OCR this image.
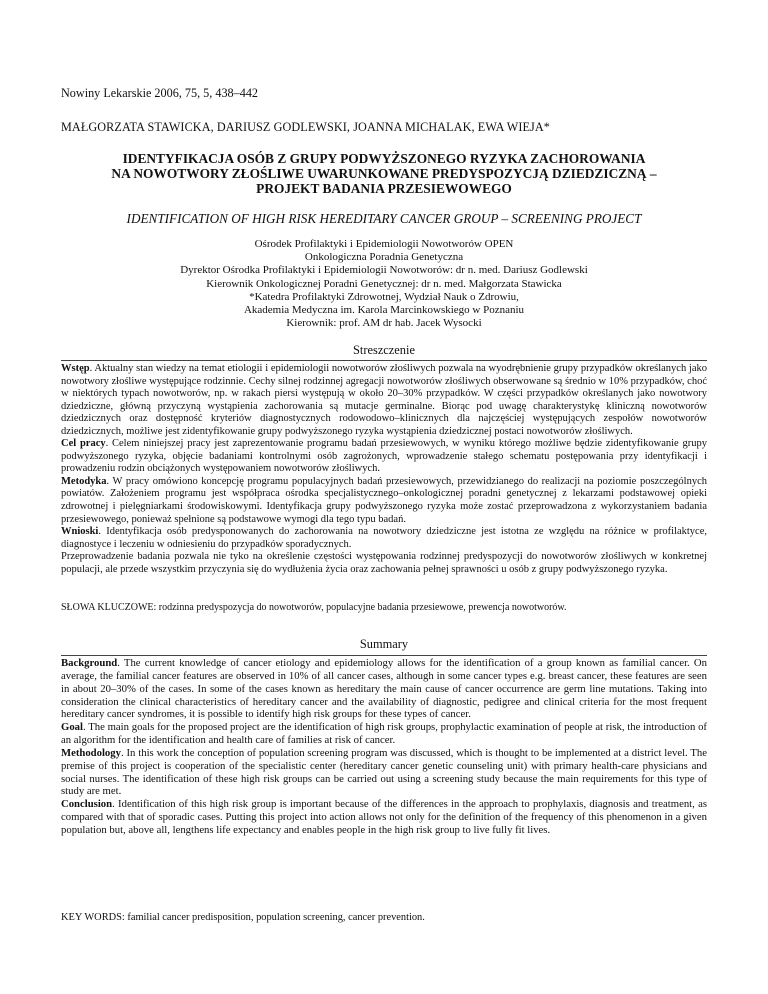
Nowiny Lekarskie 2006, 75, 5, 438–442
MAŁGORZATA STAWICKA, DARIUSZ GODLEWSKI, JOANNA MICHALAK, EWA WIEJA*
IDENTYFIKACJA OSÓB Z GRUPY PODWYŻSZONEGO RYZYKA ZACHOROWANIA
NA NOWOTWORY ZŁOŚLIWE UWARUNKOWANE PREDYSPOZYCJĄ DZIEDZICZNĄ –
PROJEKT BADANIA PRZESIEWOWEGO
IDENTIFICATION OF HIGH RISK HEREDITARY CANCER GROUP – SCREENING PROJECT
Ośrodek Profilaktyki i Epidemiologii Nowotworów OPEN
Onkologiczna Poradnia Genetyczna
Dyrektor Ośrodka Profilaktyki i Epidemiologii Nowotworów: dr n. med. Dariusz Godlewski
Kierownik Onkologicznej Poradni Genetycznej: dr n. med. Małgorzata Stawicka
*Katedra Profilaktyki Zdrowotnej, Wydział Nauk o Zdrowiu,
Akademia Medyczna im. Karola Marcinkowskiego w Poznaniu
Kierownik: prof. AM dr hab. Jacek Wysocki
Streszczenie

Wstęp. Aktualny stan wiedzy na temat etiologii i epidemiologii nowotworów złośliwych pozwala na wyodrębnienie grupy przypadków określanych jako nowotwory złośliwe występujące rodzinnie. Cechy silnej rodzinnej agregacji nowotworów złośliwych obserwowane są średnio w 10% przypadków, choć w niektórych typach nowotworów, np. w rakach piersi występują w około 20–30% przypadków. W części przypadków określanych jako nowotwory dziedziczne, główną przyczyną wystąpienia zachorowania są mutacje germinalne. Biorąc pod uwagę charakterystykę kliniczną nowotworów dziedzicznych oraz dostępność kryteriów diagnostycznych rodowodowo–klinicznych dla najczęściej występujących zespołów nowotworów dziedzicznych, możliwe jest zidentyfikowanie grupy podwyższonego ryzyka wystąpienia dziedzicznej postaci nowotworów złośliwych.

Cel pracy. Celem niniejszej pracy jest zaprezentowanie programu badań przesiewowych, w wyniku którego możliwe będzie zidentyfikowanie grupy podwyższonego ryzyka, objęcie badaniami kontrolnymi osób zagrożonych, wprowadzenie stałego schematu postępowania przy identyfikacji i prowadzeniu rodzin obciążonych występowaniem nowotworów złośliwych.

Metodyka. W pracy omówiono koncepcję programu populacyjnych badań przesiewowych, przewidzianego do realizacji na poziomie poszczególnych powiatów. Założeniem programu jest współpraca ośrodka specjalistycznego–onkologicznej poradni genetycznej z lekarzami podstawowej opieki zdrowotnej i pielęgniarkami środowiskowymi. Identyfikacja grupy podwyższonego ryzyka może zostać przeprowadzona z wykorzystaniem badania przesiewowego, ponieważ spełnione są podstawowe wymogi dla tego typu badań.

Wnioski. Identyfikacja osób predysponowanych do zachorowania na nowotwory dziedziczne jest istotna ze względu na różnice w profilaktyce, diagnostyce i leczeniu w odniesieniu do przypadków sporadycznych.

Przeprowadzenie badania pozwala nie tyko na określenie częstości występowania rodzinnej predyspozycji do nowotworów złośliwych w konkretnej populacji, ale przede wszystkim przyczynia się do wydłużenia życia oraz zachowania pełnej sprawności u osób z grupy podwyższonego ryzyka.

SŁOWA KLUCZOWE: rodzinna predyspozycja do nowotworów, populacyjne badania przesiewowe, prewencja nowotworów.
Summary

Background. The current knowledge of cancer etiology and epidemiology allows for the identification of a group known as familial cancer. On average, the familial cancer features are observed in 10% of all cancer cases, although in some cancer types e.g. breast cancer, these features are seen in about 20–30% of the cases. In some of the cases known as hereditary the main cause of cancer occurrence are germ line mutations. Taking into consideration the clinical characteristics of hereditary cancer and the availability of diagnostic, pedigree and clinical criteria for the most frequent hereditary cancer syndromes, it is possible to identify high risk groups for these types of cancer.

Goal. The main goals for the proposed project are the identification of high risk groups, prophylactic examination of people at risk, the introduction of an algorithm for the identification and health care of families at risk of cancer.

Methodology. In this work the conception of population screening program was discussed, which is thought to be implemented at a district level. The premise of this project is cooperation of the specialistic center (hereditary cancer genetic counseling unit) with primary health-care physicians and social nurses. The identification of these high risk groups can be carried out using a screening study because the main requirements for this type of study are met.

Conclusion. Identification of this high risk group is important because of the differences in the approach to prophylaxis, diagnosis and treatment, as compared with that of sporadic cases. Putting this project into action allows not only for the definition of the frequency of this phenomenon in a given population but, above all, lengthens life expectancy and enables people in the high risk group to live fully fit lives.

KEY WORDS: familial cancer predisposition, population screening, cancer prevention.
